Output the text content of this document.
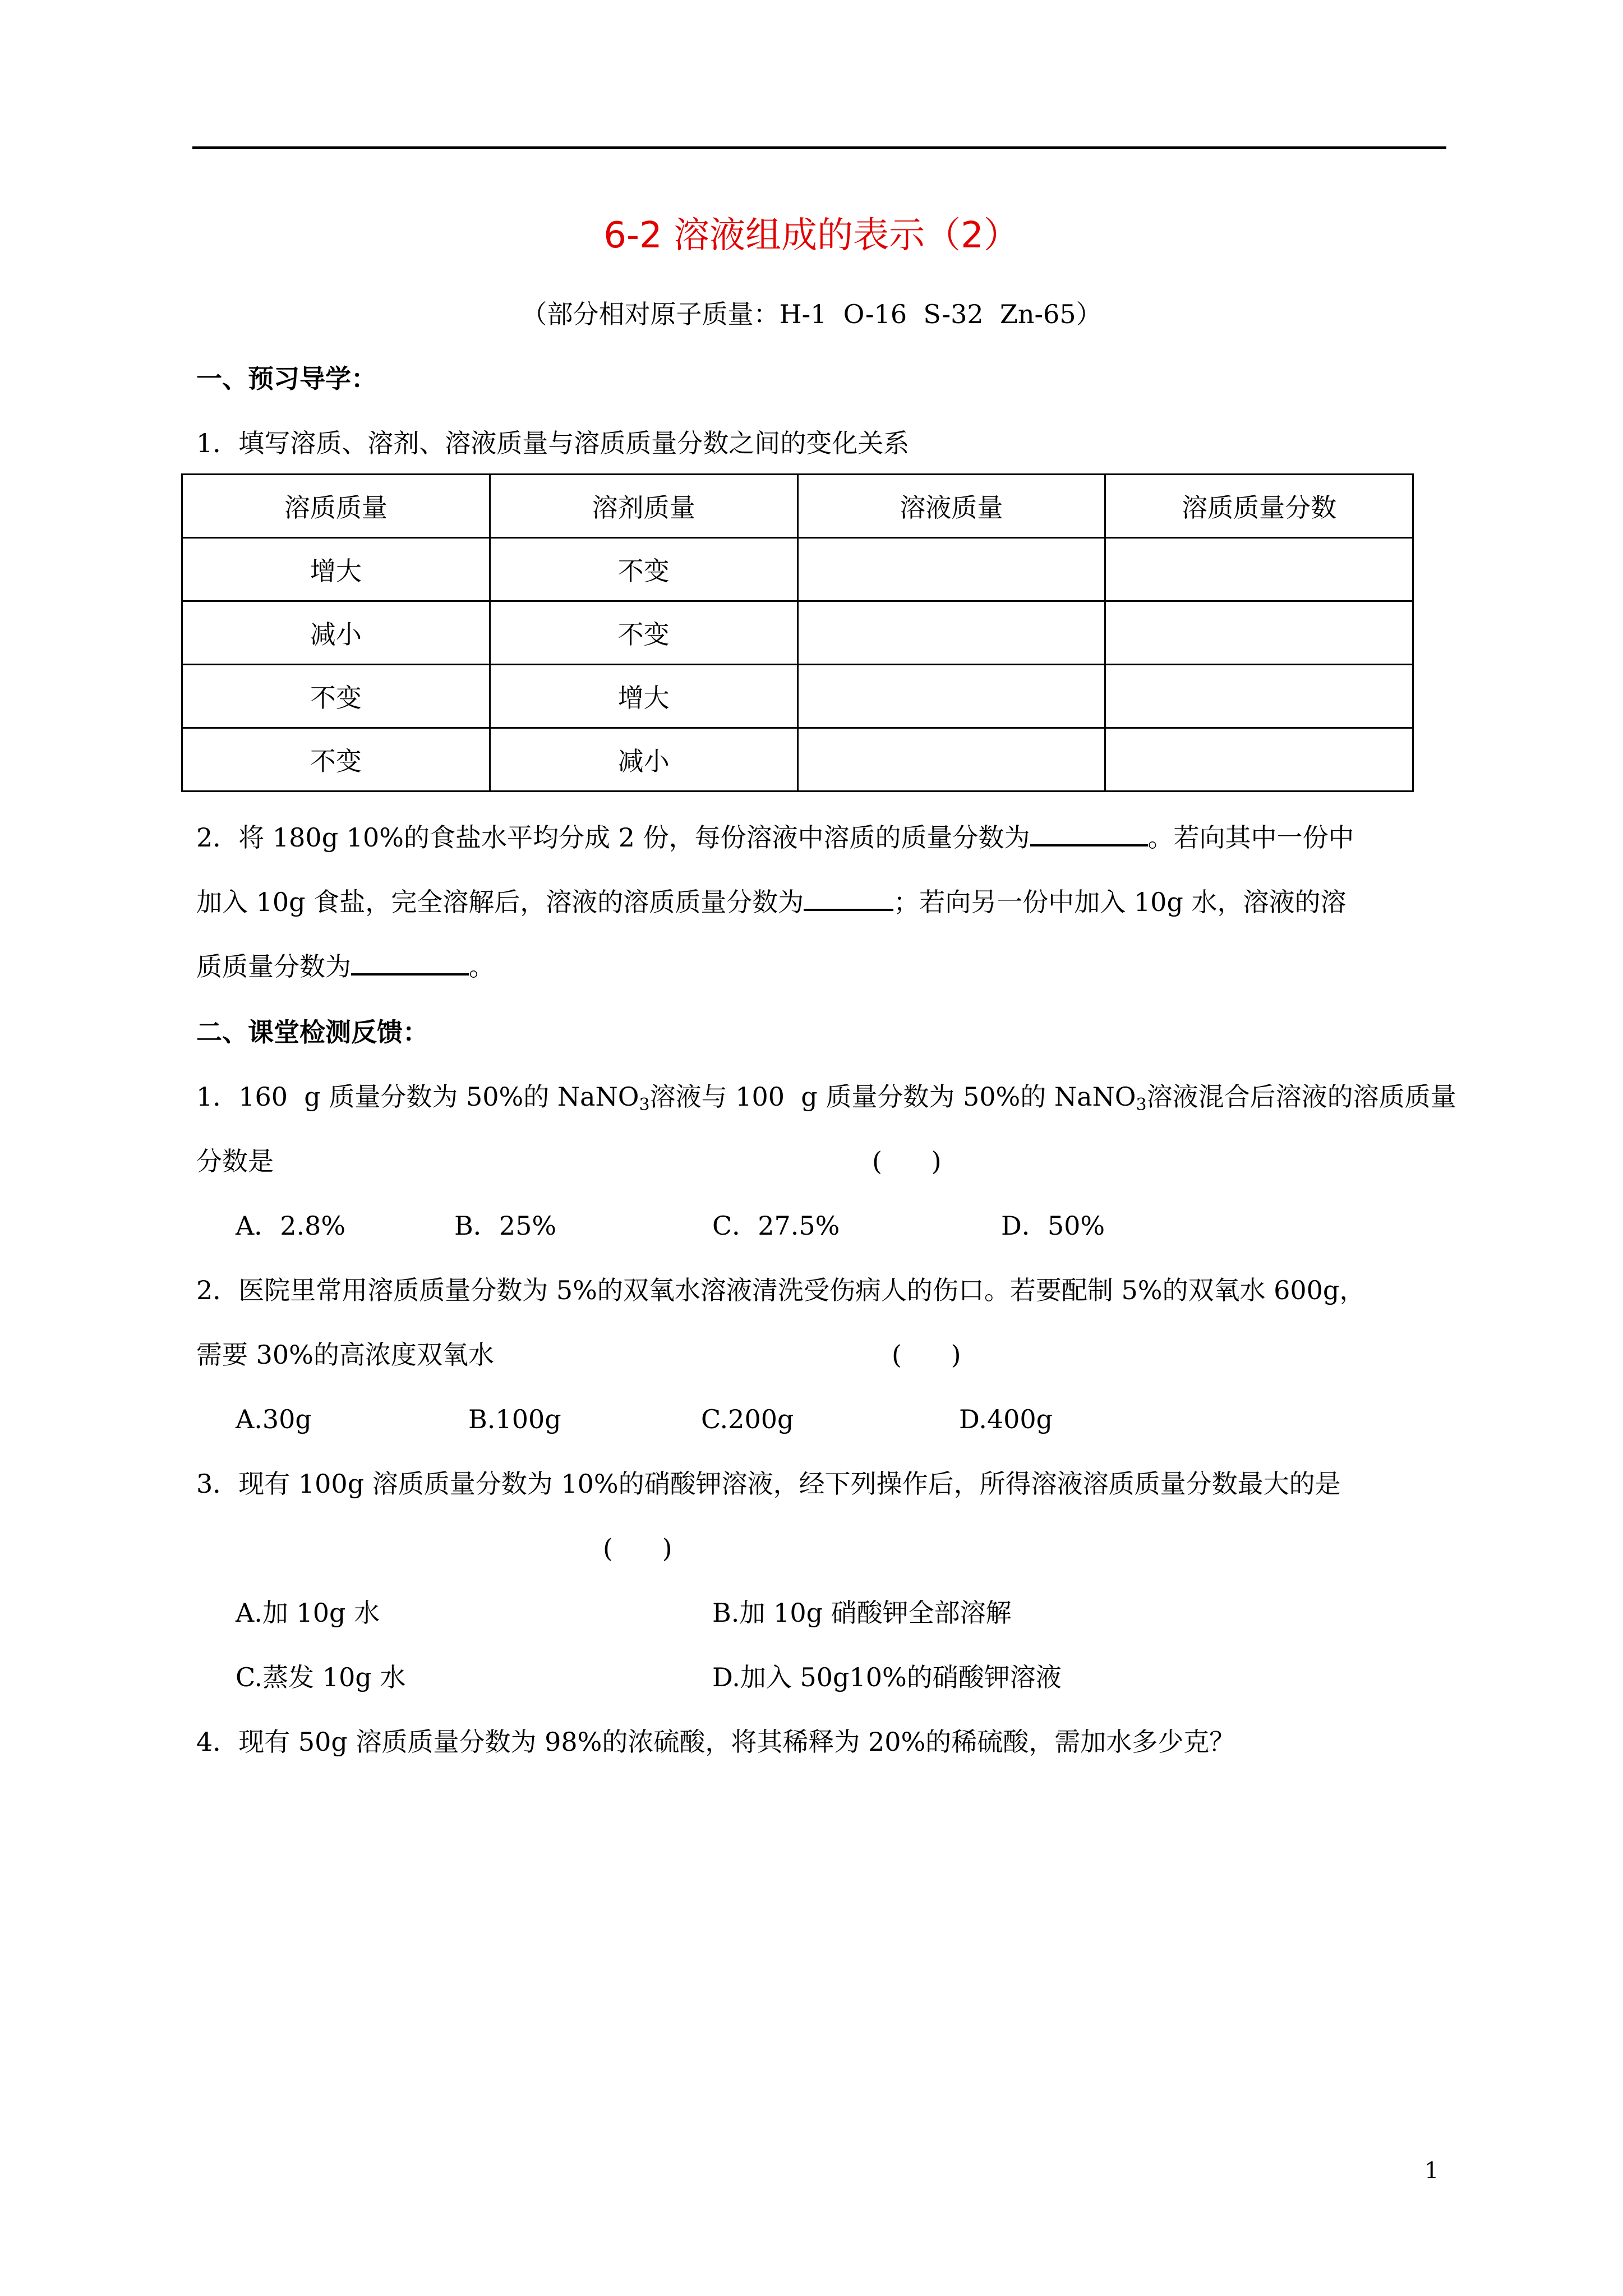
6-2 溶液组成的表示（2）
（部分相对原子质量：H-1  O-16  S-32  Zn-65）
一、预习导学：
1．填写溶质、溶剂、溶液质量与溶质质量分数之间的变化关系
溶质质量	溶剂质量	溶液质量	溶质质量分数
增大	不变		
减小	不变		
不变	增大		
不变	减小		
2．将 180g 10%的食盐水平均分成 2 份，每份溶液中溶质的质量分数为	。若向其中一份中
加入 10g 食盐，完全溶解后，溶液的溶质质量分数为	；若向另一份中加入 10g 水，溶液的溶
质质量分数为	。
二、课堂检测反馈：
1．160  g 质量分数为 50%的 NaNO$_3$溶液与 100  g 质量分数为 50%的 NaNO$_3$溶液混合后溶液的溶质质量
分数是	(      )
A．2.8%	B．25%	C．27.5%	D．50%
2．医院里常用溶质质量分数为 5%的双氧水溶液清洗受伤病人的伤口。若要配制 5%的双氧水 600g，
需要 30%的高浓度双氧水	(      )
A.30g	B.100g	C.200g	D.400g
3．现有 100g 溶质质量分数为 10%的硝酸钾溶液，经下列操作后，所得溶液溶质质量分数最大的是
(      )
A.加 10g 水	B.加 10g 硝酸钾全部溶解
C.蒸发 10g 水	D.加入 50g10%的硝酸钾溶液
4．现有 50g 溶质质量分数为 98%的浓硫酸，将其稀释为 20%的稀硫酸，需加水多少克？
1
